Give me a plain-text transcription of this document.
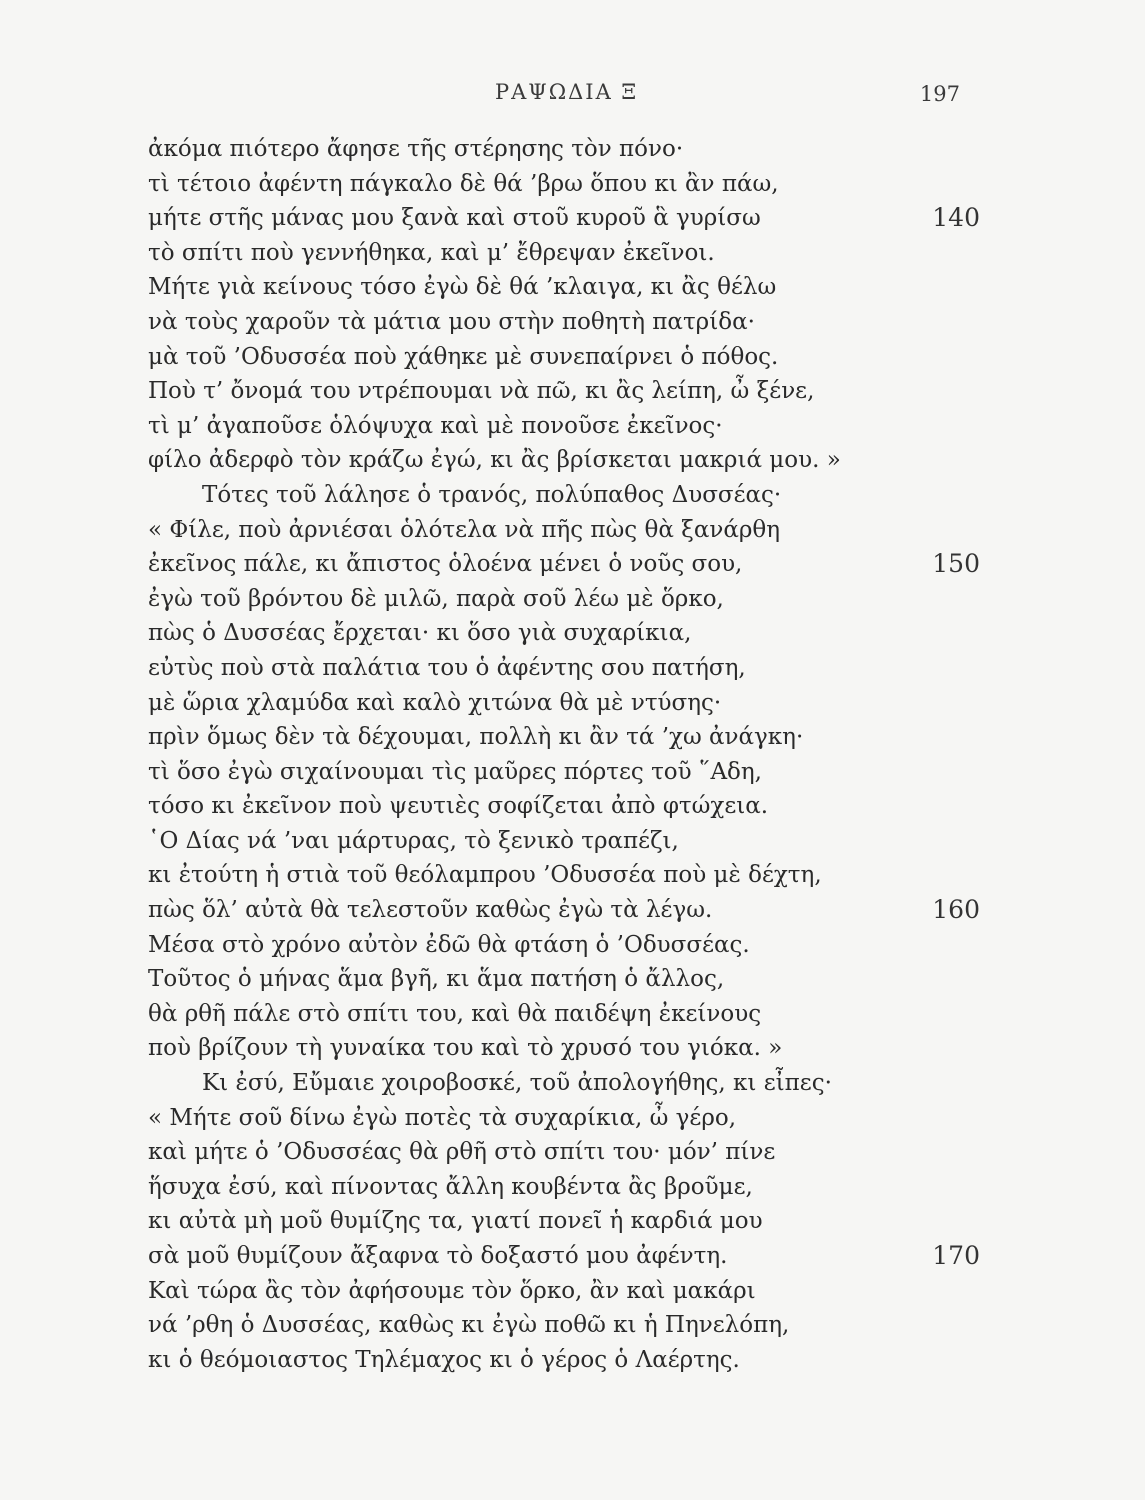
ΡΑΨΩΔΙΑ Ξ	197
ἀκόμα πιότερο ἄφησε τῆς στέρησης τὸν πόνο·
τὶ τέτοιο ἀφέντη πάγκαλο δὲ θά ’βρω ὅπου κι ἂν πάω,
μήτε στῆς μάνας μου ξανὰ καὶ στοῦ κυροῦ ἃ γυρίσω	140
τὸ σπίτι ποὺ γεννήθηκα, καὶ μ’ ἔθρεψαν ἐκεῖνοι.
Μήτε γιὰ κείνους τόσο ἐγὼ δὲ θά ’κλαιγα, κι ἂς θέλω
νὰ τοὺς χαροῦν τὰ μάτια μου στὴν ποθητὴ πατρίδα·
μὰ τοῦ ’Οδυσσέα ποὺ χάθηκε μὲ συνεπαίρνει ὁ πόθος.
Ποὺ τ’ ὄνομά του ντρέπουμαι νὰ πῶ, κι ἂς λείπη, ὦ ξένε,
τὶ μ’ ἀγαποῦσε ὁλόψυχα καὶ μὲ πονοῦσε ἐκεῖνος·
φίλο ἀδερφὸ τὸν κράζω ἐγώ, κι ἂς βρίσκεται μακριά μου. »
Τότες τοῦ λάλησε ὁ τρανός, πολύπαθος Δυσσέας·
« Φίλε, ποὺ ἀρνιέσαι ὁλότελα νὰ πῆς πὼς θὰ ξανάρθη
ἐκεῖνος πάλε, κι ἄπιστος ὁλοένα μένει ὁ νοῦς σου,	150
ἐγὼ τοῦ βρόντου δὲ μιλῶ, παρὰ σοῦ λέω μὲ ὅρκο,
πὼς ὁ Δυσσέας ἔρχεται· κι ὅσο γιὰ συχαρίκια,
εὐτὺς ποὺ στὰ παλάτια του ὁ ἀφέντης σου πατήση,
μὲ ὥρια χλαμύδα καὶ καλὸ χιτώνα θὰ μὲ ντύσης·
πρὶν ὅμως δὲν τὰ δέχουμαι, πολλὴ κι ἂν τά ’χω ἀνάγκη·
τὶ ὅσο ἐγὼ σιχαίνουμαι τὶς μαῦρες πόρτες τοῦ ῞Αδη,
τόσο κι ἐκεῖνον ποὺ ψευτιὲς σοφίζεται ἀπὸ φτώχεια.
῾Ο Δίας νά ’ναι μάρτυρας, τὸ ξενικὸ τραπέζι,
κι ἐτούτη ἡ στιὰ τοῦ θεόλαμπρου ’Οδυσσέα ποὺ μὲ δέχτη,
πὼς ὅλ’ αὐτὰ θὰ τελεστοῦν καθὼς ἐγὼ τὰ λέγω.	160
Μέσα στὸ χρόνο αὐτὸν ἐδῶ θὰ φτάση ὁ ’Οδυσσέας.
Τοῦτος ὁ μήνας ἅμα βγῆ, κι ἅμα πατήση ὁ ἄλλος,
θὰ ρθῆ πάλε στὸ σπίτι του, καὶ θὰ παιδέψη ἐκείνους
ποὺ βρίζουν τὴ γυναίκα του καὶ τὸ χρυσό του γιόκα. »
Κι ἐσύ, Εὔμαιε χοιροβοσκέ, τοῦ ἀπολογήθης, κι εἶπες·
« Μήτε σοῦ δίνω ἐγὼ ποτὲς τὰ συχαρίκια, ὦ γέρο,
καὶ μήτε ὁ ’Οδυσσέας θὰ ρθῆ στὸ σπίτι του· μόν’ πίνε
ἥσυχα ἐσύ, καὶ πίνοντας ἄλλη κουβέντα ἂς βροῦμε,
κι αὐτὰ μὴ μοῦ θυμίζης τα, γιατί πονεῖ ἡ καρδιά μου
σὰ μοῦ θυμίζουν ἄξαφνα τὸ δοξαστό μου ἀφέντη.	170
Καὶ τώρα ἂς τὸν ἀφήσουμε τὸν ὅρκο, ἂν καὶ μακάρι
νά ’ρθη ὁ Δυσσέας, καθὼς κι ἐγὼ ποθῶ κι ἡ Πηνελόπη,
κι ὁ θεόμοιαστος Τηλέμαχος κι ὁ γέρος ὁ Λαέρτης.
